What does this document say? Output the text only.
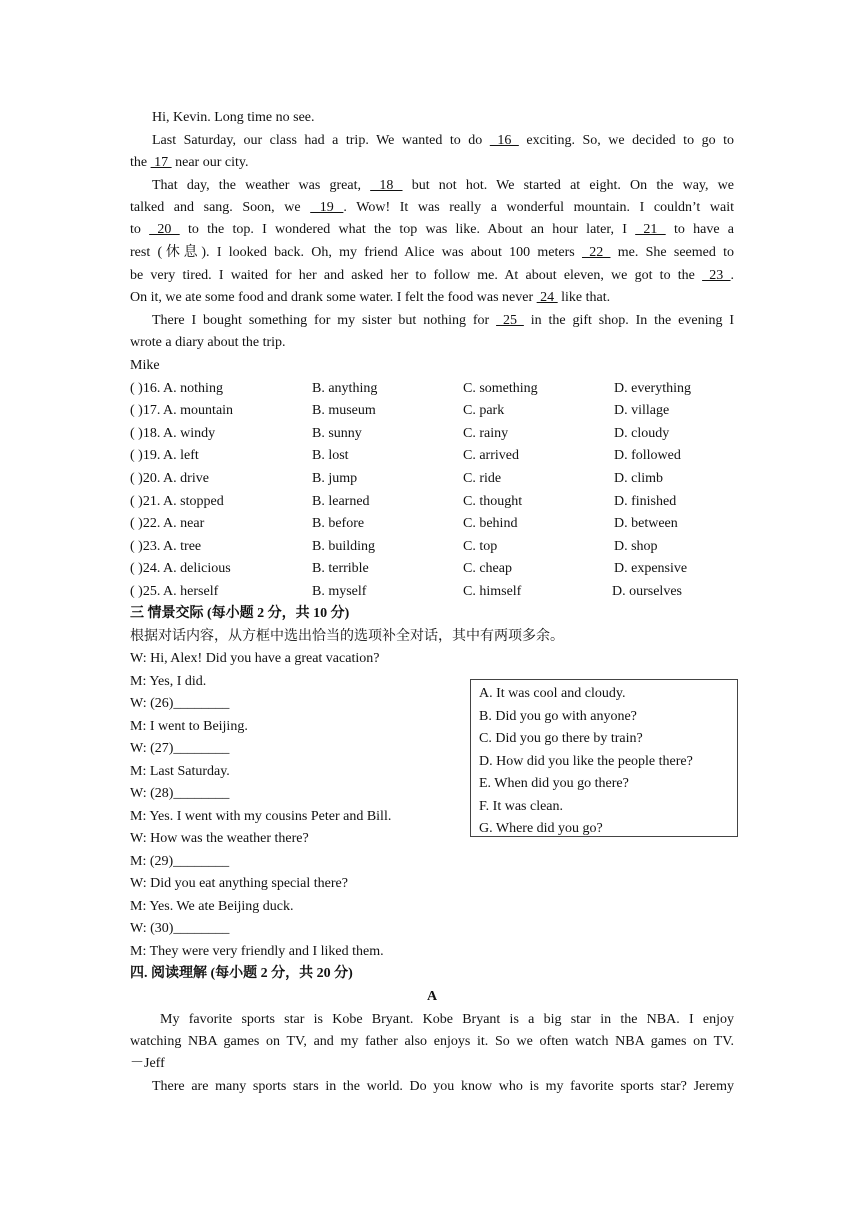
Hi, Kevin. Long time no see.
Last Saturday, our class had a trip. We wanted to do  16  exciting. So, we decided to go to
the  17  near our city.
That day, the weather was great,  18  but not hot. We started at eight. On the way, we
talked and sang. Soon, we  19 . Wow! It was really a wonderful mountain. I couldn’t wait
to  20  to the top. I wondered what the top was like. About an hour later, I  21  to have a
rest (休息). I looked back. Oh, my friend Alice was about 100 meters  22  me. She seemed to
be very tired. I waited for her and asked her to follow me. At about eleven, we got to the  23 .
On it, we ate some food and drank some water. I felt the food was never  24  like that.
There I bought something for my sister but nothing for  25  in the gift shop. In the evening I
wrote a diary about the trip.
Mike
( )16. A. nothing	B. anything	C. something	D. everything
( )17. A. mountain	B. museum	C. park	D. village
( )18. A. windy	B. sunny	C. rainy	D. cloudy
( )19. A. left	B. lost	C. arrived	D. followed
( )20. A. drive	B. jump	C. ride	D. climb
( )21. A. stopped	B. learned	C. thought	D. finished
( )22. A. near	B. before	C. behind	D. between
( )23. A. tree	B. building	C. top	D. shop
( )24. A. delicious	B. terrible	C. cheap	D. expensive
( )25. A. herself	B. myself	C. himself	D. ourselves
三 情景交际 (每小题 2 分，共 10 分)
根据对话内容，从方框中选出恰当的选项补全对话，其中有两项多余。
W: Hi, Alex! Did you have a great vacation?
M: Yes, I did.
W: (26)________
M: I went to Beijing.
W: (27)________
M: Last Saturday.
W: (28)________
M: Yes. I went with my cousins Peter and Bill.
W: How was the weather there?
M: (29)________
W: Did you eat anything special there?
M: Yes. We ate Beijing duck.
W: (30)________
M: They were very friendly and I liked them.
A. It was cool and cloudy.
B. Did you go with anyone?
C. Did you go there by train?
D. How did you like the people there?
E. When did you go there?
F. It was clean.
G. Where did you go?
四. 阅读理解 (每小题 2 分，共 20 分)
A
My favorite sports star is Kobe Bryant. Kobe Bryant is a big star in the NBA. I enjoy
watching NBA games on TV, and my father also enjoys it. So we often watch NBA games on TV.
－Jeff
There are many sports stars in the world. Do you know who is my favorite sports star? Jeremy
